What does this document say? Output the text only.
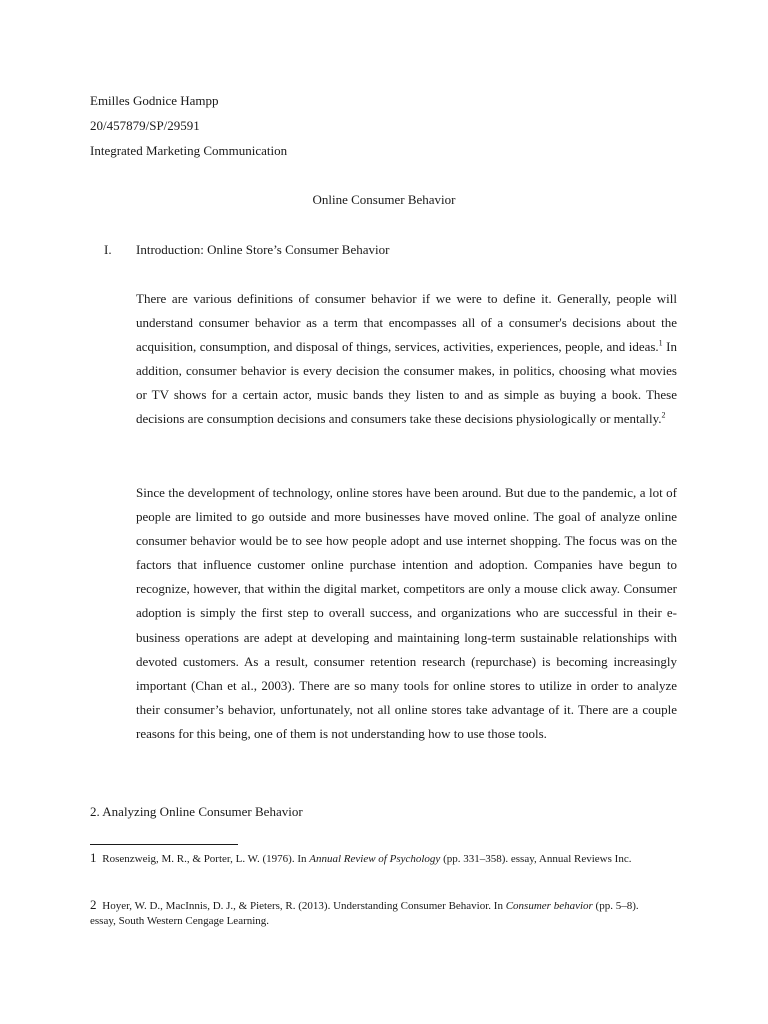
Emilles Godnice Hampp
20/457879/SP/29591
Integrated Marketing Communication
Online Consumer Behavior
I. Introduction: Online Store’s Consumer Behavior

There are various definitions of consumer behavior if we were to define it. Generally, people will understand consumer behavior as a term that encompasses all of a consumer's decisions about the acquisition, consumption, and disposal of things, services, activities, experiences, people, and ideas.$^1$ In addition, consumer behavior is every decision the consumer makes, in politics, choosing what movies or TV shows for a certain actor, music bands they listen to and as simple as buying a book. These decisions are consumption decisions and consumers take these decisions physiologically or mentally.$^2$

Since the development of technology, online stores have been around. But due to the pandemic, a lot of people are limited to go outside and more businesses have moved online. The goal of analyze online consumer behavior would be to see how people adopt and use internet shopping. The focus was on the factors that influence customer online purchase intention and adoption. Companies have begun to recognize, however, that within the digital market, competitors are only a mouse click away. Consumer adoption is simply the first step to overall success, and organizations who are successful in their e-business operations are adept at developing and maintaining long-term sustainable relationships with devoted customers. As a result, consumer retention research (repurchase) is becoming increasingly important (Chan et al., 2003). There are so many tools for online stores to utilize in order to analyze their consumer’s behavior, unfortunately, not all online stores take advantage of it. There are a couple reasons for this being, one of them is not understanding how to use those tools.

2. Analyzing Online Consumer Behavior

1 Rosenzweig, M. R., & Porter, L. W. (1976). In Annual Review of Psychology (pp. 331–358). essay, Annual Reviews Inc.

2 Hoyer, W. D., MacInnis, D. J., & Pieters, R. (2013). Understanding Consumer Behavior. In Consumer behavior (pp. 5–8). essay, South Western Cengage Learning.
